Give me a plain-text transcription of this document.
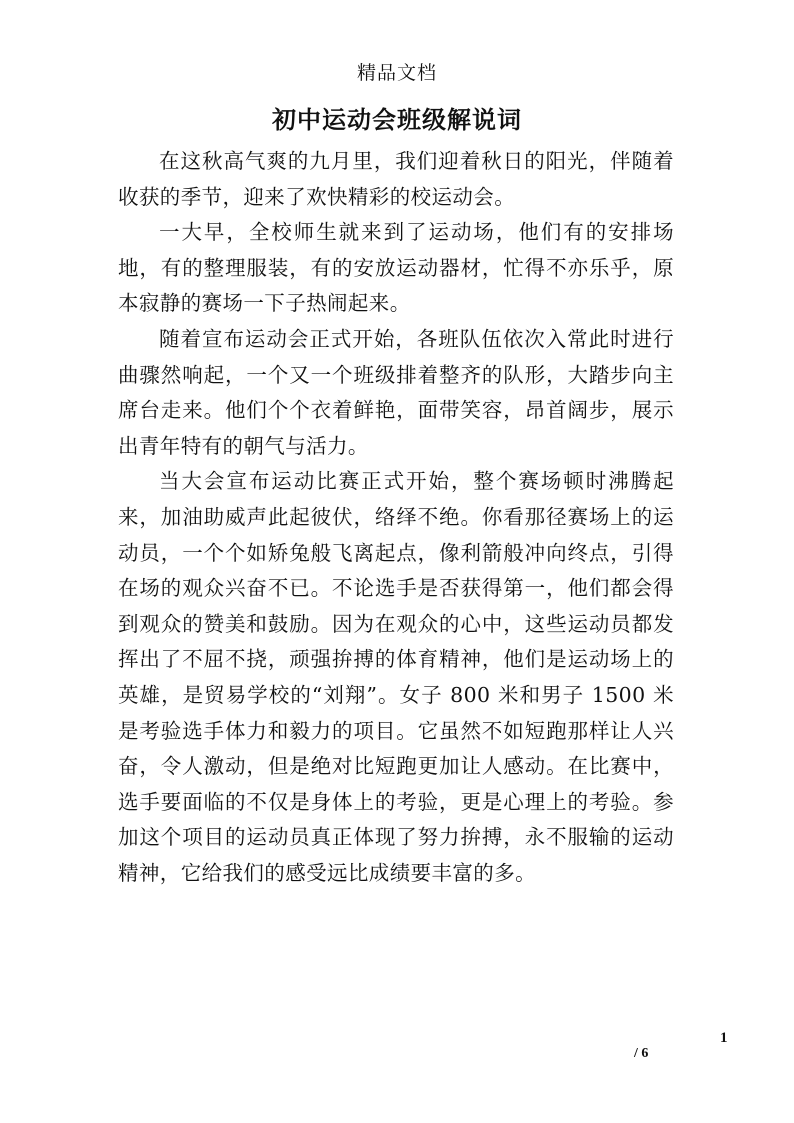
精品文档
初中运动会班级解说词

在这秋高气爽的九月里，我们迎着秋日的阳光，伴随着收获的季节，迎来了欢快精彩的校运动会。

一大早，全校师生就来到了运动场，他们有的安排场地，有的整理服装，有的安放运动器材，忙得不亦乐乎，原本寂静的赛场一下子热闹起来。

随着宣布运动会正式开始，各班队伍依次入常此时进行曲骤然响起，一个又一个班级排着整齐的队形，大踏步向主席台走来。他们个个衣着鲜艳，面带笑容，昂首阔步，展示出青年特有的朝气与活力。

当大会宣布运动比赛正式开始，整个赛场顿时沸腾起来，加油助威声此起彼伏，络绎不绝。你看那径赛场上的运动员，一个个如矫兔般飞离起点，像利箭般冲向终点，引得在场的观众兴奋不已。不论选手是否获得第一，他们都会得到观众的赞美和鼓励。因为在观众的心中，这些运动员都发挥出了不屈不挠，顽强拚搏的体育精神，他们是运动场上的英雄，是贸易学校的“刘翔”。女子 800 米和男子 1500 米是考验选手体力和毅力的项目。它虽然不如短跑那样让人兴奋，令人激动，但是绝对比短跑更加让人感动。在比赛中，选手要面临的不仅是身体上的考验，更是心理上的考验。参加这个项目的运动员真正体现了努力拚搏，永不服输的运动精神，它给我们的感受远比成绩要丰富的多。

1
/ 6
